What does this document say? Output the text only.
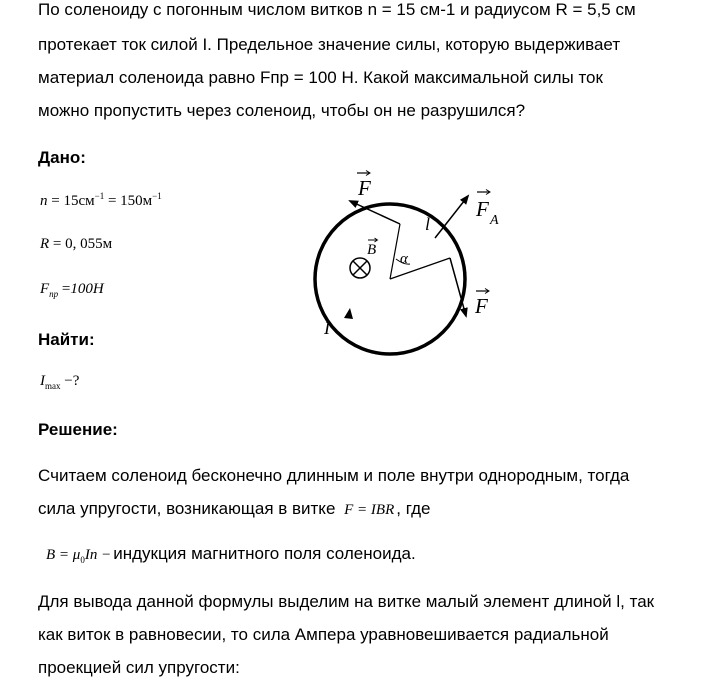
По соленоиду с погонным числом витков n = 15 см-1 и радиусом R = 5,5 см
протекает ток силой I. Предельное значение силы, которую выдерживает
материал соленоида равно Fпр = 100 Н. Какой максимальной силы ток
можно пропустить через соленоид, чтобы он не разрушился?
Дано:
$n = 15см^{-1} = 150м^{-1}$
R = 0, 055м
$F_{пр} =100Н$
Найти:
$I_{max}$ −?
Решение:
Считаем соленоид бесконечно длинным и поле внутри однородным, тогда
сила упругости, возникающая в витке F = IBR , где
$B = \mu_0In$ − индукция магнитного поля соленоида.
Для вывода данной формулы выделим на витке малый элемент длиной l, так
как виток в равновесии, то сила Ампера уравновешивается радиальной
проекцией сил упругости:
F
F A
F
l
B
α
I
